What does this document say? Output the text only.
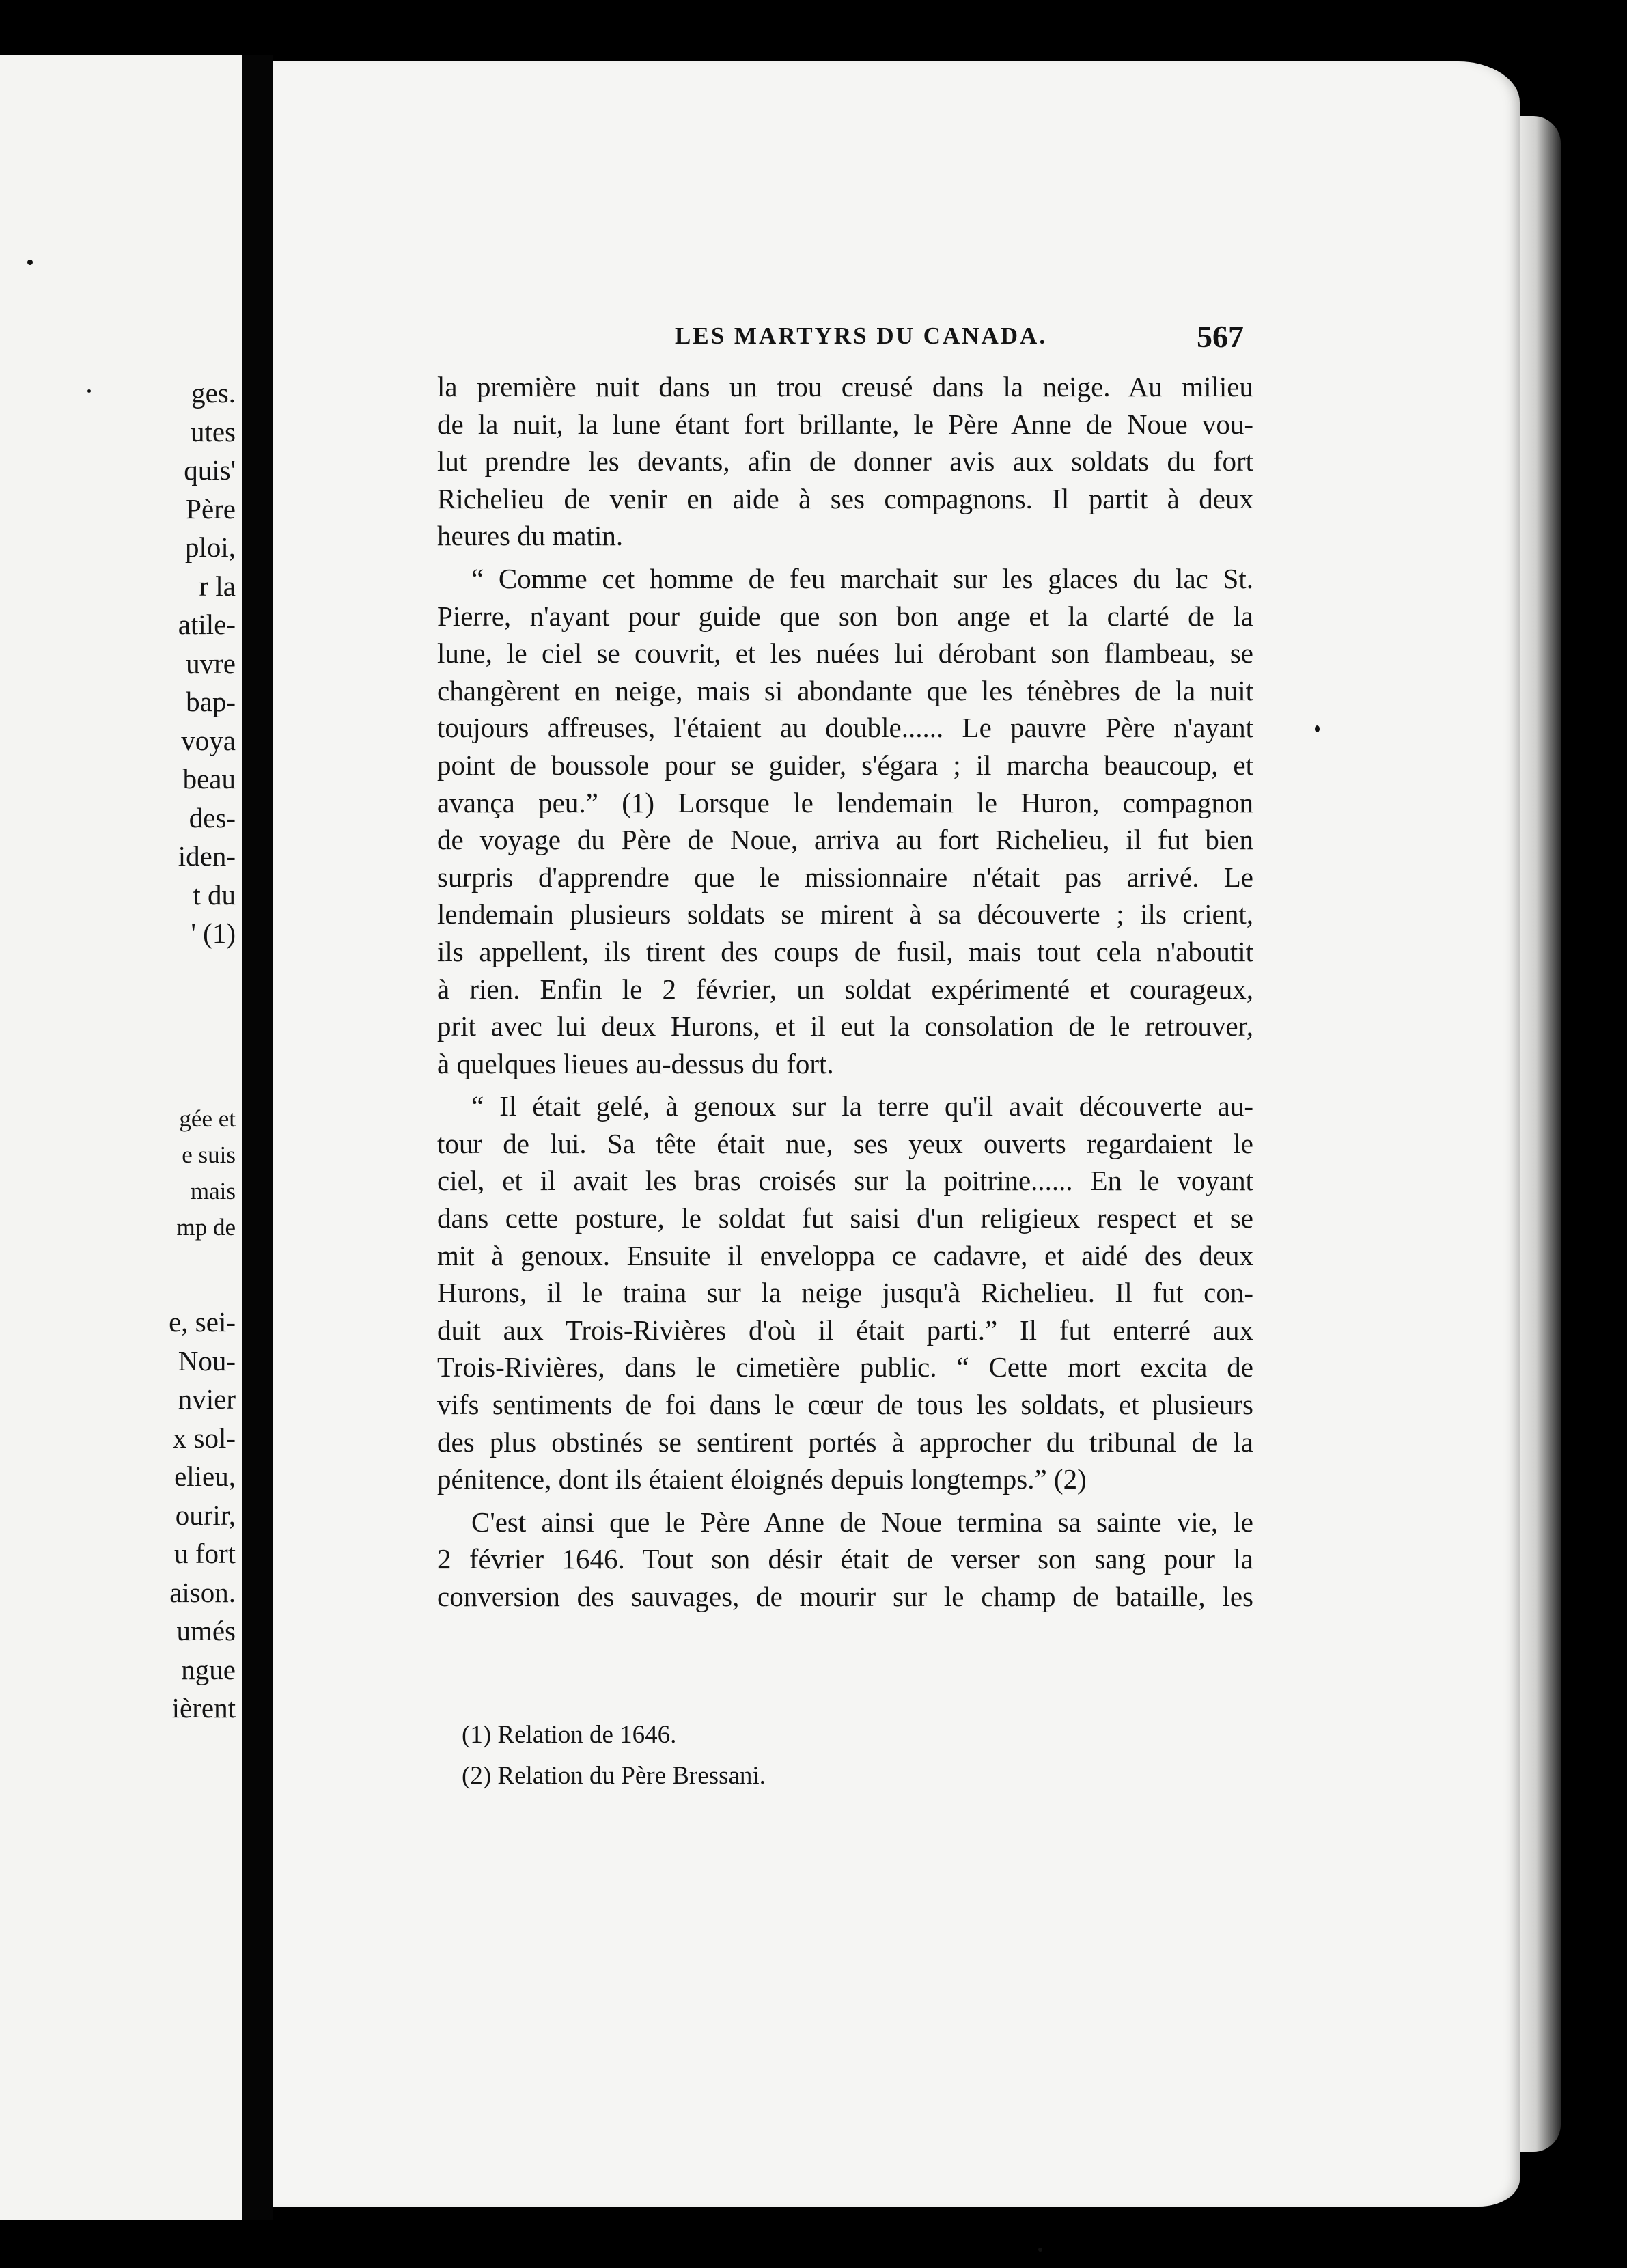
ges.
utes
quis'
Père
ploi,
r la
atile-
uvre
bap-
voya
beau
des-
iden-
t du
' (1)
gée et
e suis
mais
mp de
e, sei-
Nou-
nvier
x sol-
elieu,
ourir,
u fort
aison.
umés
ngue
ièrent
LES MARTYRS DU CANADA.	567
la première nuit dans un trou creusé dans la neige. Au milieu
de la nuit, la lune étant fort brillante, le Père Anne de Noue vou-
lut prendre les devants, afin de donner avis aux soldats du fort
Richelieu de venir en aide à ses compagnons. Il partit à deux
heures du matin.
“ Comme cet homme de feu marchait sur les glaces du lac St.
Pierre, n'ayant pour guide que son bon ange et la clarté de la
lune, le ciel se couvrit, et les nuées lui dérobant son flambeau, se
changèrent en neige, mais si abondante que les ténèbres de la nuit
toujours affreuses, l'étaient au double...... Le pauvre Père n'ayant
point de boussole pour se guider, s'égara ; il marcha beaucoup, et
avança peu.” (1) Lorsque le lendemain le Huron, compagnon
de voyage du Père de Noue, arriva au fort Richelieu, il fut bien
surpris d'apprendre que le missionnaire n'était pas arrivé. Le
lendemain plusieurs soldats se mirent à sa découverte ; ils crient,
ils appellent, ils tirent des coups de fusil, mais tout cela n'aboutit
à rien. Enfin le 2 février, un soldat expérimenté et courageux,
prit avec lui deux Hurons, et il eut la consolation de le retrouver,
à quelques lieues au-dessus du fort.
“ Il était gelé, à genoux sur la terre qu'il avait découverte au-
tour de lui. Sa tête était nue, ses yeux ouverts regardaient le
ciel, et il avait les bras croisés sur la poitrine...... En le voyant
dans cette posture, le soldat fut saisi d'un religieux respect et se
mit à genoux. Ensuite il enveloppa ce cadavre, et aidé des deux
Hurons, il le traina sur la neige jusqu'à Richelieu. Il fut con-
duit aux Trois-Rivières d'où il était parti.” Il fut enterré aux
Trois-Rivières, dans le cimetière public. “ Cette mort excita de
vifs sentiments de foi dans le cœur de tous les soldats, et plusieurs
des plus obstinés se sentirent portés à approcher du tribunal de la
pénitence, dont ils étaient éloignés depuis longtemps.” (2)
C'est ainsi que le Père Anne de Noue termina sa sainte vie, le
2 février 1646. Tout son désir était de verser son sang pour la
conversion des sauvages, de mourir sur le champ de bataille, les
(1) Relation de 1646.
(2) Relation du Père Bressani.
